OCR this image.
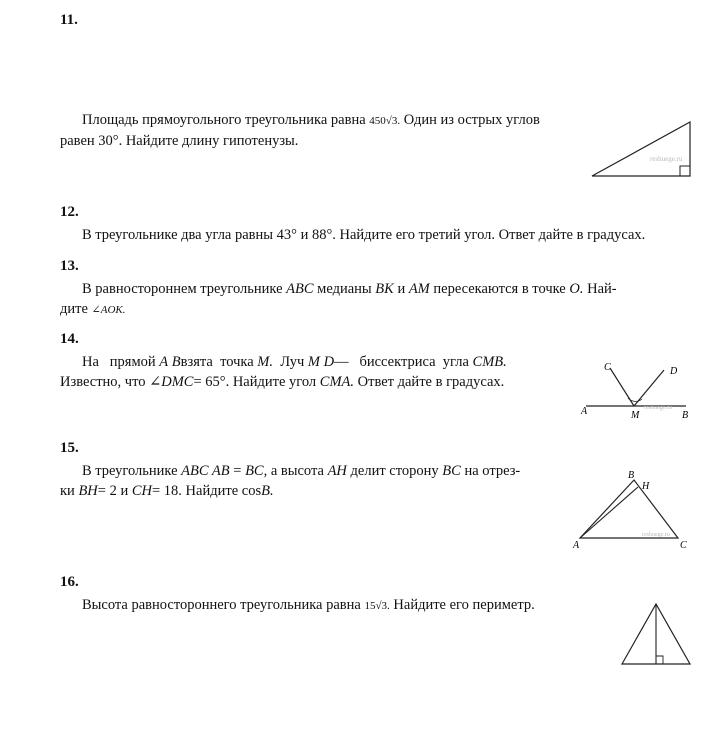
11.
Площадь прямоугольного треугольника равна 450√3. Один из острых углов
равен 30°. Найдите длину гипотенузы.
reshuege.ru
12.
В треугольнике два угла равны 43° и 88°. Найдите его третий угол. Ответ дайте в градусах.
13.
В равностороннем треугольнике ABC медианы BK и AM пересекаются в точке O. Най-
дите ∠AOK.
14.
На прямой A Bвзята точка M. Луч M D— биссектриса угла CMB.
Известно, что ∠DMC= 65°. Найдите угол CMA. Ответ дайте в градусах.
C	D
A	M	B
reshuege.ru
15.
В треугольнике ABC AB = BC, а высота AH делит сторону BC на отрез-
ки BH= 2 и CH= 18. Найдите cosB.
B
H
A	C
reshuege.ru
16.
Высота равностороннего треугольника равна 15√3. Найдите его периметр.
